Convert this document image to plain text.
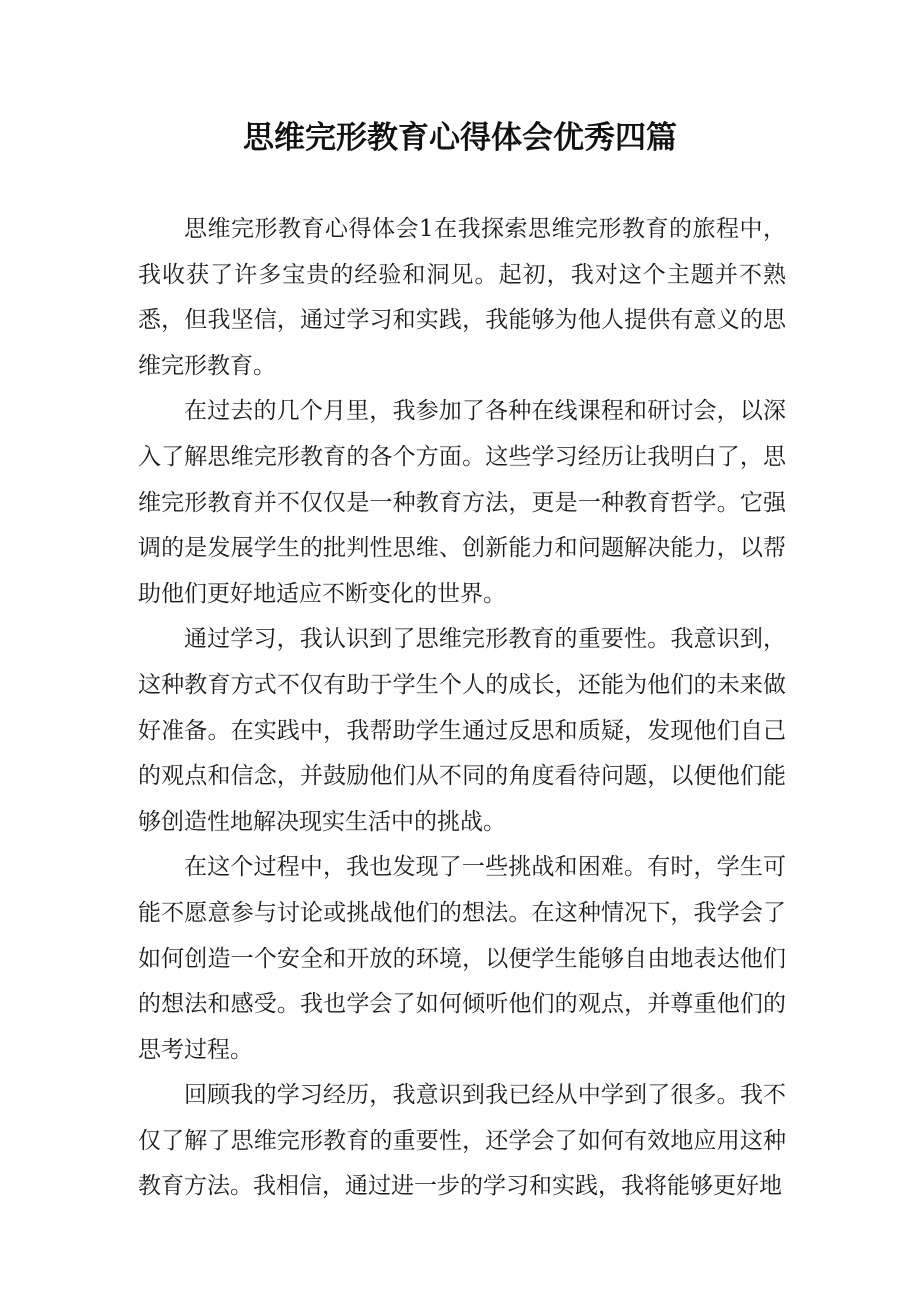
思维完形教育心得体会优秀四篇

思维完形教育心得体会1在我探索思维完形教育的旅程中，我收获了许多宝贵的经验和洞见。起初，我对这个主题并不熟悉，但我坚信，通过学习和实践，我能够为他人提供有意义的思维完形教育。

在过去的几个月里，我参加了各种在线课程和研讨会，以深入了解思维完形教育的各个方面。这些学习经历让我明白了，思维完形教育并不仅仅是一种教育方法，更是一种教育哲学。它强调的是发展学生的批判性思维、创新能力和问题解决能力，以帮助他们更好地适应不断变化的世界。

通过学习，我认识到了思维完形教育的重要性。我意识到，这种教育方式不仅有助于学生个人的成长，还能为他们的未来做好准备。在实践中，我帮助学生通过反思和质疑，发现他们自己的观点和信念，并鼓励他们从不同的角度看待问题，以便他们能够创造性地解决现实生活中的挑战。

在这个过程中，我也发现了一些挑战和困难。有时，学生可能不愿意参与讨论或挑战他们的想法。在这种情况下，我学会了如何创造一个安全和开放的环境，以便学生能够自由地表达他们的想法和感受。我也学会了如何倾听他们的观点，并尊重他们的思考过程。

回顾我的学习经历，我意识到我已经从中学到了很多。我不仅了解了思维完形教育的重要性，还学会了如何有效地应用这种教育方法。我相信，通过进一步的学习和实践，我将能够更好地
